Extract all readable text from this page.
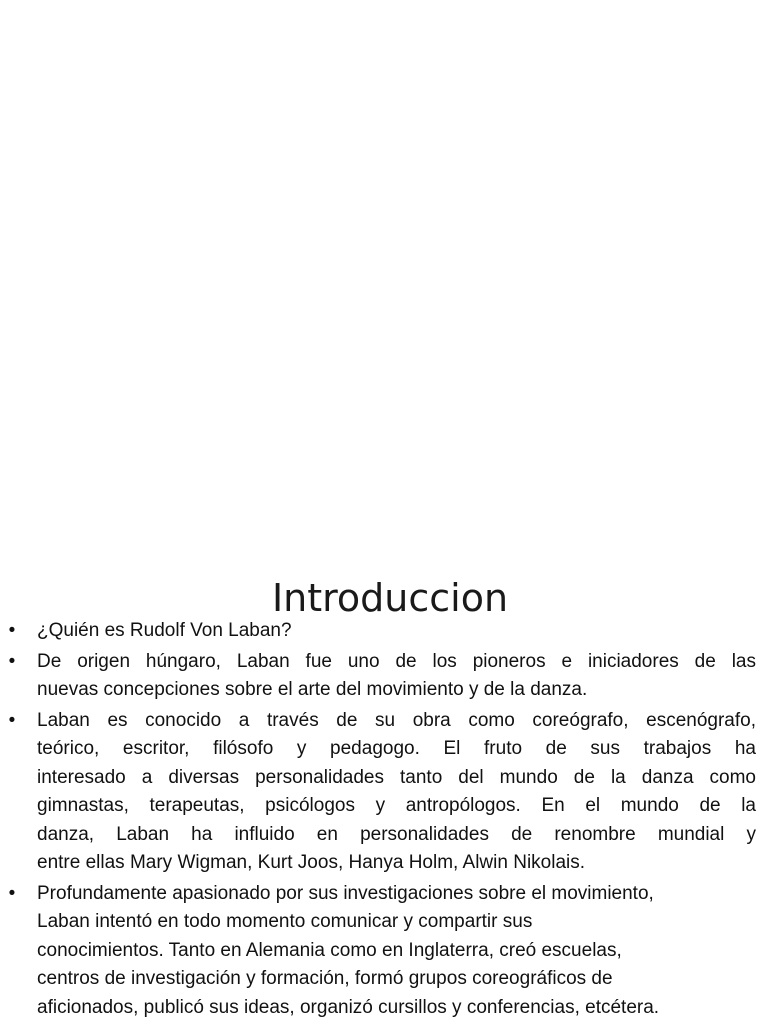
Introduccion
• ¿Quién es Rudolf Von Laban?
• De origen húngaro, Laban fue uno de los pioneros e iniciadores de las
nuevas concepciones sobre el arte del movimiento y de la danza.
• Laban es conocido a través de su obra como coreógrafo, escenógrafo,
teórico, escritor, filósofo y pedagogo. El fruto de sus trabajos ha
interesado a diversas personalidades tanto del mundo de la danza como
gimnastas, terapeutas, psicólogos y antropólogos. En el mundo de la
danza, Laban ha influido en personalidades de renombre mundial y
entre ellas Mary Wigman, Kurt Joos, Hanya Holm, Alwin Nikolais.
• Profundamente apasionado por sus investigaciones sobre el movimiento,
Laban intentó en todo momento comunicar y compartir sus
conocimientos. Tanto en Alemania como en Inglaterra, creó escuelas,
centros de investigación y formación, formó grupos coreográficos de
aficionados, publicó sus ideas, organizó cursillos y conferencias, etcétera.
